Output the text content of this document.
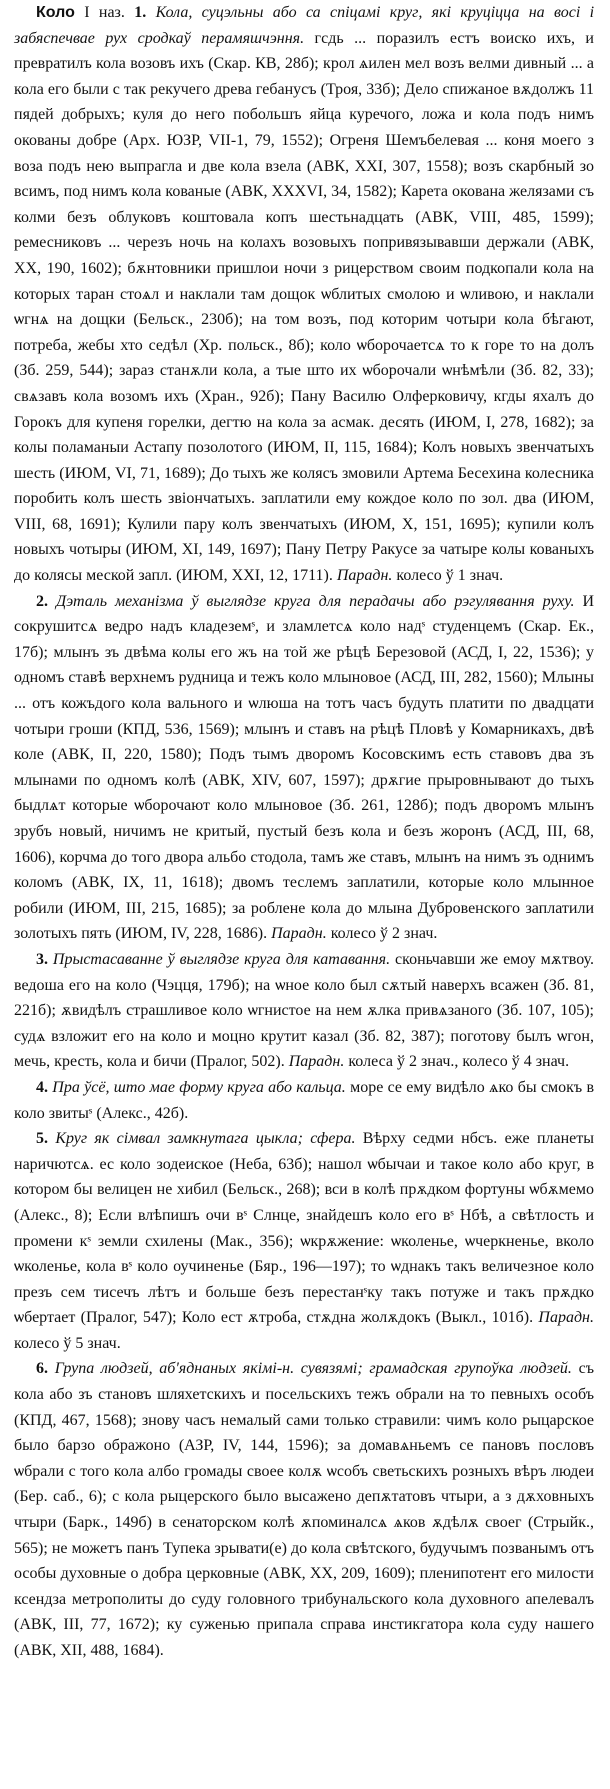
Коло I наз. 1. Кола, суцэльны або са спіцамі круг, які круціцца на восі і забяспечвае рух сродкаў перамяшчэння. гсдь ... поразилъ естъ воиско ихъ, и превратилъ кола возовъ ихъ (Скар. КВ, 28б); крол ѧилен мел возъ велми дивный ... а кола его были с так рекучего древа гебанусъ (Троя, 33б); Дело спижаное вѫдолжъ 11 пядей добрыхъ; куля до него побольшъ яйца куречого, ложа и кола подъ нимъ окованы добре (Арх. ЮЗР, VII-1, 79, 1552); Огреня Шемъбелевая ... коня моего з воза подъ нею выпрагла и две кола взела (АВК, XXI, 307, 1558); возъ скарбный зо всимъ, под нимъ кола кованые (АВК, XXXVI, 34, 1582); Карета окована желязами съ колми безъ облуковъ коштовала копъ шестьнадцать (АВК, VIII, 485, 1599); ремесниковъ ... черезъ ночь на колахъ возовыхъ попривязывавши держали (АВК, XX, 190, 1602); бѫнтовники пришлои ночи з рицерством своим подкопали кола на которых таран стоѧл и наклали там дощок ѡблитых смолою и ѡливою, и наклали ѡгнѧ на дощки (Бельск., 230б); на том возъ, под которим чотыри кола бѣгают, потреба, жебы хто седѣл (Хр. польск., 8б); коло ѡборочаетсѧ то к горе то на долъ (Зб. 259, 544); зараз станѫли кола, а тые што их ѡборочали ѡнѣмѣли (Зб. 82, 33); свѧзавъ кола возомъ ихъ (Хран., 92б); Пану Василю Олферковичу, кгды яхалъ до Горокъ для купеня горелки, дегтю на кола за асмак. десять (ИЮМ, I, 278, 1682); за колы поламаныи Астапу позолотого (ИЮМ, II, 115, 1684); Колъ новыхъ звенчатыхъ шесть (ИЮМ, VI, 71, 1689); До тыхъ же колясъ змовили Артема Бесехина колесника поробить колъ шесть звiончатыхъ. заплатили ему кождое коло по зол. два (ИЮМ, VIII, 68, 1691); Кулили пару колъ звенчатыхъ (ИЮМ, X, 151, 1695); купили колъ новыхъ чотыры (ИЮМ, XI, 149, 1697); Пану Петру Ракусе за чатыре колы кованыхъ до колясы меской запл. (ИЮМ, XXI, 12, 1711). Парадн. колесо ў 1 знач.

2. Дэталь механізма ў выглядзе круга для перадачы або рэгулявання руху. И сокрушитсѧ ведро надъ кладеземˢ, и зламлетсѧ коло надˢ студенцемъ (Скар. Ек., 17б); млынъ зъ двѣма колы его жъ на той же рѣцѣ Березовой (АСД, I, 22, 1536); у одномъ ставѣ верхнемъ рудница и тежъ коло млыновое (АСД, III, 282, 1560); Млыны ... отъ кожъдого кола вального и ѡлюша на тотъ часъ будуть платити по двадцати чотыри гроши (КПД, 536, 1569); млынъ и ставъ на рѣцѣ Пловѣ у Комарникахъ, двѣ коле (АВК, II, 220, 1580); Подъ тымъ дворомъ Косовскимъ есть ставовъ два зъ млынами по одномъ колѣ (АВК, XIV, 607, 1597); дрѫгие прыровнывают до тыхъ быдлѧт которые ѡборочают коло млыновое (Зб. 261, 128б); подъ дворомъ млынъ зрубъ новый, ничимъ не критый, пустый безъ кола и безъ жоронъ (АСД, III, 68, 1606), корчма до того двора альбо стодола, тамъ же ставъ, млынъ на нимъ зъ однимъ коломъ (АВК, IX, 11, 1618); двомъ теслемъ заплатили, которые коло млынное робили (ИЮМ, III, 215, 1685); за роблене кола до млына Дубровенского заплатили золотыхъ пять (ИЮМ, IV, 228, 1686). Парадн. колесо ў 2 знач.

3. Прыстасаванне ў выглядзе круга для катавання. сконьчавши же емоу мѫтвоу. ведоша его на коло (Чэцця, 179б); на ѡное коло был сѫтый наверхъ всажен (Зб. 81, 221б); ѫвидѣлъ страшливое коло ѡгнистое на нем ѫлка привѧзаного (Зб. 107, 105); судѧ взложит его на коло и моцно крутит казал (Зб. 82, 387); поготову былъ ѡгон, мечь, кресть, кола и бичи (Пралог, 502). Парадн. колеса ў 2 знач., колесо ў 4 знач.

4. Пра ўсё, што мае форму круга або кальца. море се ему видѣло ѧко бы смокъ в коло звитыˢ (Алекс., 42б).

5. Круг як сімвал замкнутага цыкла; сфера. Вѣрху седми нбсъ. еже планеты наричютсѧ. ес коло зодеиское (Неба, 63б); нашол ѡбычаи и такое коло або круг, в котором бы велицен не хибил (Бельск., 268); вси в колѣ прѫдком фортуны ѡбѫмемо (Алекс., 8); Если влѣпишъ очи вˢ Слнце, знайдешъ коло его вˢ Нбѣ, а свѣтлость и промени кˢ земли схилены (Мак., 356); ѡкрѫжение: ѡколенье, ѡчеркненье, вколо ѡколенье, кола вˢ коло оучиненье (Бяр., 196—197); то ѡднакъ такъ величезное коло презъ сем тисечъ лѣтъ и больше безъ перестанˢку такъ потуже и такъ прѫдко ѡбертает (Пралог, 547); Коло ест ѫтроба, стѫдна жолѫдокъ (Выкл., 101б). Парадн. колесо ў 5 знач.

6. Група людзей, аб'яднаных якімі-н. сувязямі; грамадская групоўка людзей. съ кола або зъ становъ шляхетскихъ и посельскихъ тежъ обрали на то певныхъ особъ (КПД, 467, 1568); знову часъ немалый сами только стравили: чимъ коло рыцарское было барзо ображоно (АЗР, IV, 144, 1596); за домавѧньемъ се пановъ пословъ ѡбрали с того кола албо громады своее колѫ ѡсобъ светьскихъ розныхъ вѣръ людеи (Бер. саб., 6); с кола рыцерского было высажено депѫтатовъ чтыри, а з дѫховныхъ чтыри (Барк., 149б) в сенаторском колѣ ѫпоминалсѧ ѧков ѫдѣлѫ своег (Стрыйк., 565); не можетъ панъ Тупека зрывати(е) до кола свѣтского, будучымъ позванымъ отъ особы духовные о добра церковные (АВК, XX, 209, 1609); пленипотент его милости ксендза метрополиты до суду головного трибунальского кола духовного апелевалъ (АВК, III, 77, 1672); ку суженью припала справа инстикгатора кола суду нашего (АВК, XII, 488, 1684).
